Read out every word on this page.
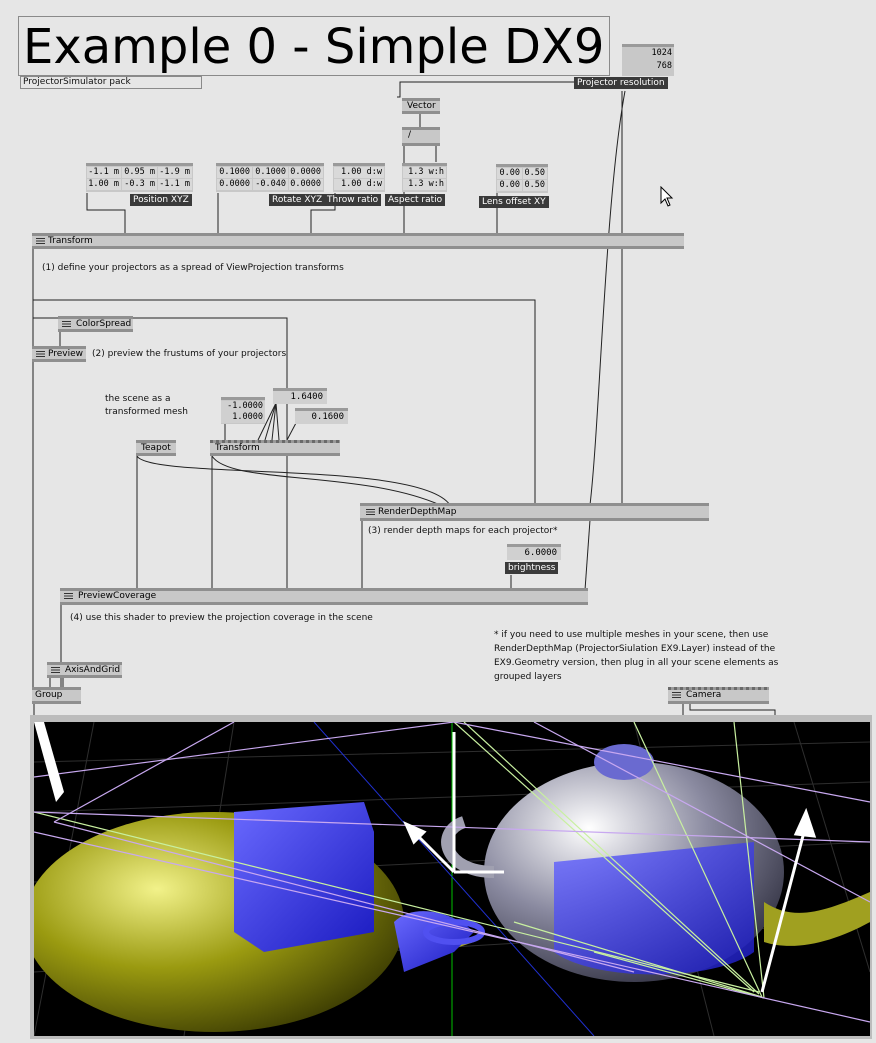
Example 0 - Simple DX9
ProjectorSimulator pack
1024
768
Projector resolution
Vector
/
-1.1 m 0.95 m -1.9 m
1.00 m -0.3 m -1.1 m
Position XYZ
0.1000 0.1000 0.0000
0.0000 -0.040 0.0000
Rotate XYZ
1.00 d:w
1.00 d:w
Throw ratio
1.3 w:h
1.3 w:h
Aspect ratio
0.00 0.50
0.00 0.50
Lens offset XY
Transform
(1) define your projectors as a spread of ViewProjection transforms
ColorSpread
Preview (2) preview the frustums of your projectors
the scene as a
transformed mesh
-1.0000
1.0000
1.6400
0.1600
Teapot	Transform
RenderDepthMap
(3) render depth maps for each projector*
6.0000
brightness
PreviewCoverage
(4) use this shader to preview the projection coverage in the scene
* if you need to use multiple meshes in your scene, then use
RenderDepthMap (ProjectorSiulation EX9.Layer) instead of the
EX9.Geometry version, then plug in all your scene elements as
grouped layers
AxisAndGrid
Group	Camera
